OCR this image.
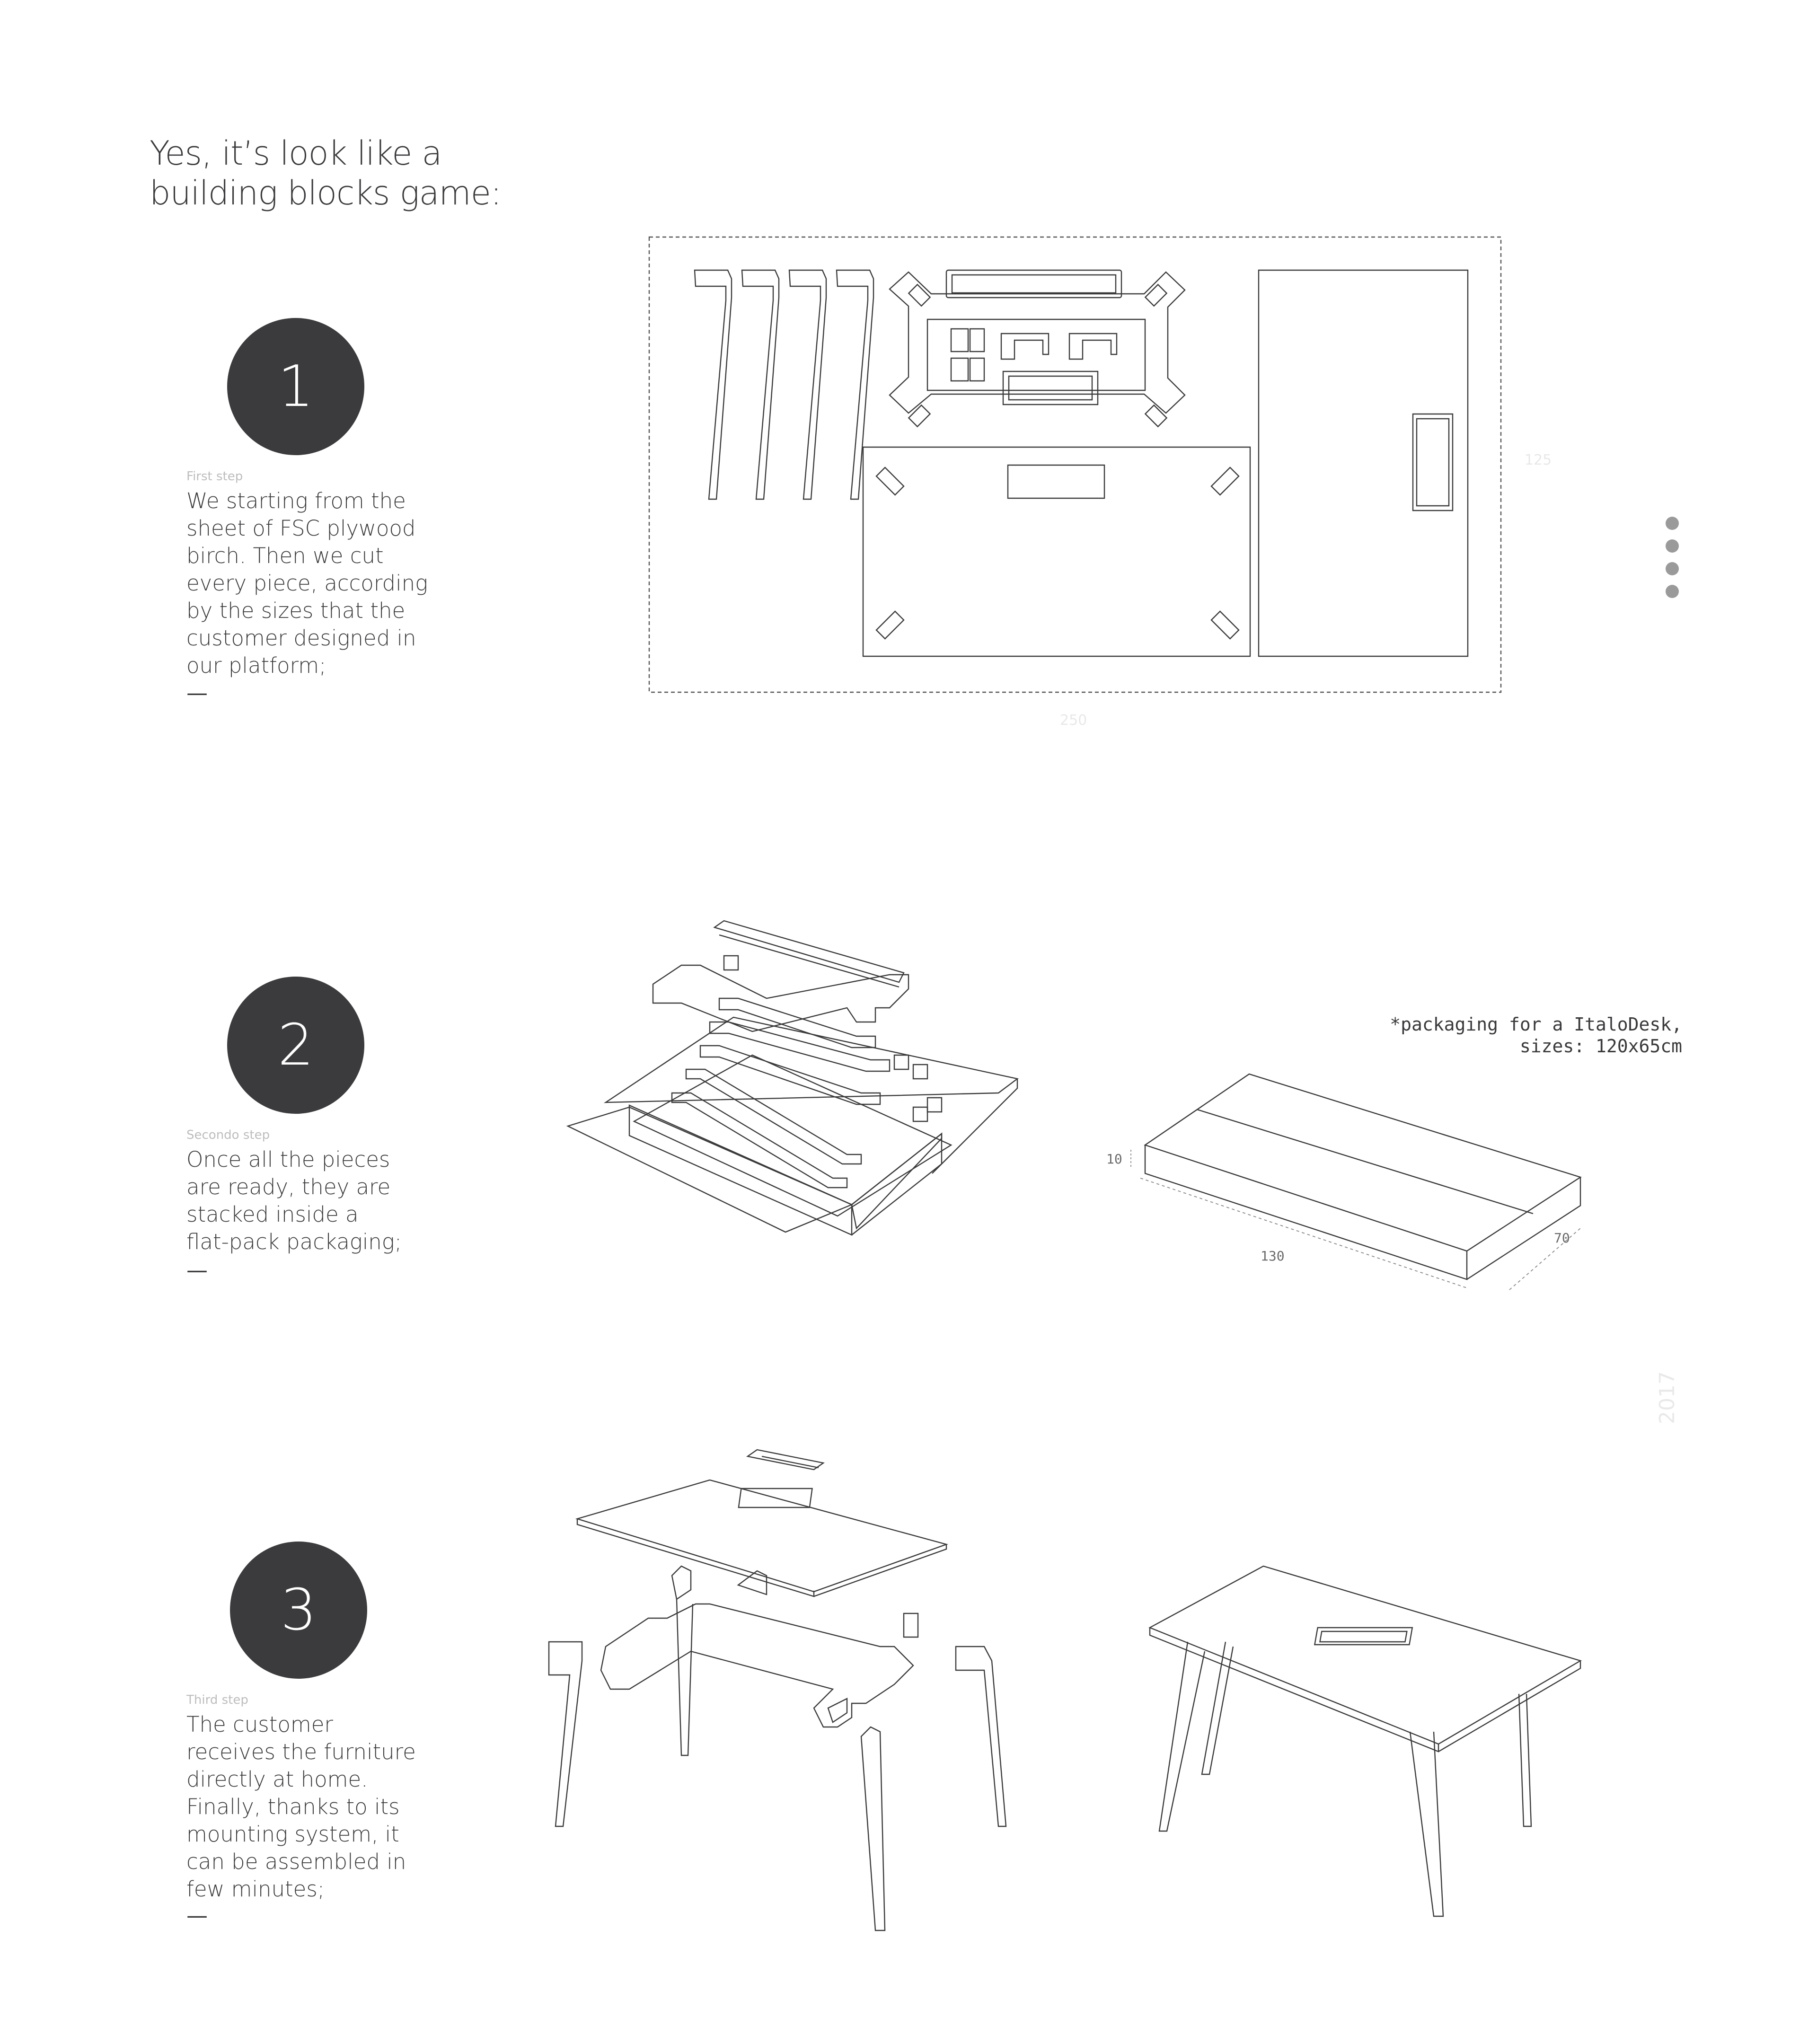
Yes, it’s look like a building blocks game:
1
First step
We starting from the sheet of FSC plywood birch. Then we cut every piece, according by the sizes that the customer designed in our platform;
—
2
Secondo step
Once all the pieces are ready, they are stacked inside a flat-pack packaging;
—
3
Third step
The customer receives the furniture directly at home. Finally, thanks to its mounting system, it can be assembled in few minutes;
—
125
250
2017
*packaging for a ItaloDesk,
sizes: 120x65cm
10
130
70
